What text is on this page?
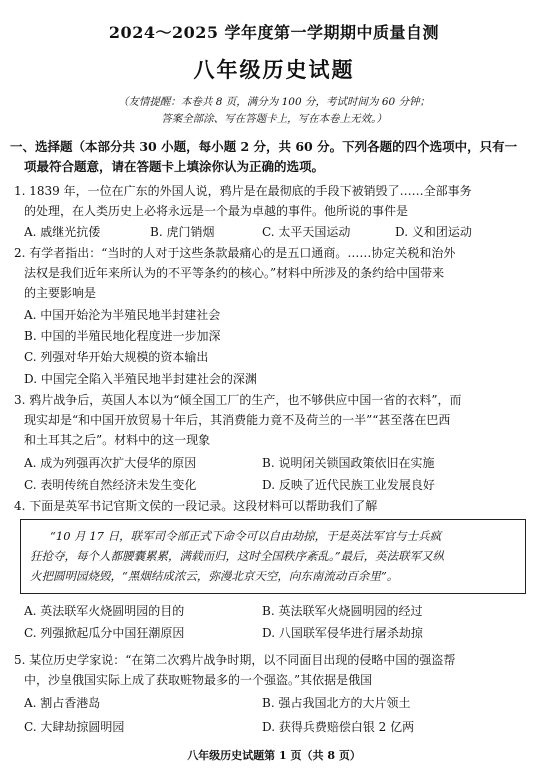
2024～2025 学年度第一学期期中质量自测
八年级历史试题
（友情提醒：本卷共 8 页，满分为 100 分，考试时间为 60 分钟；
答案全部涂、写在答题卡上，写在本卷上无效。）
一、选择题（本部分共 30 小题，每小题 2 分，共 60 分。下列各题的四个选项中，只有一
项最符合题意，请在答题卡上填涂你认为正确的选项。
1. 1839 年，一位在广东的外国人说，鸦片是在最彻底的手段下被销毁了……全部事务
的处理，在人类历史上必将永远是一个最为卓越的事件。他所说的事件是
A. 戚继光抗倭	B. 虎门销烟	C. 太平天国运动	D. 义和团运动
2. 有学者指出：“当时的人对于这些条款最痛心的是五口通商。……协定关税和治外
法权是我们近年来所认为的不平等条约的核心。”材料中所涉及的条约给中国带来
的主要影响是
A. 中国开始沦为半殖民地半封建社会
B. 中国的半殖民地化程度进一步加深
C. 列强对华开始大规模的资本输出
D. 中国完全陷入半殖民地半封建社会的深渊
3. 鸦片战争后，英国人本以为“倾全国工厂的生产，也不够供应中国一省的衣料”，而
现实却是“和中国开放贸易十年后，其消费能力竟不及荷兰的一半”“甚至落在巴西
和土耳其之后”。材料中的这一现象
A. 成为列强再次扩大侵华的原因	B. 说明闭关锁国政策依旧在实施
C. 表明传统自然经济未发生变化	D. 反映了近代民族工业发展良好
4. 下面是英军书记官斯文侯的一段记录。这段材料可以帮助我们了解
“10 月 17 日，联军司令部正式下命令可以自由劫掠，于是英法军官与士兵疯
狂抢夺，每个人都腰囊累累，满载而归，这时全国秩序紊乱。”最后，英法联军又纵
火把圆明园烧毁，“黑烟结成浓云，弥漫北京天空，向东南流动百余里”。
A. 英法联军火烧圆明园的目的	B. 英法联军火烧圆明园的经过
C. 列强掀起瓜分中国狂潮原因	D. 八国联军侵华进行屠杀劫掠
5. 某位历史学家说：“在第二次鸦片战争时期，以不同面目出现的侵略中国的强盗帮
中，沙皇俄国实际上成了获取赃物最多的一个强盗。”其依据是俄国
A. 割占香港岛	B. 强占我国北方的大片领土
C. 大肆劫掠圆明园	D. 获得兵费赔偿白银 2 亿两
八年级历史试题第 1 页（共 8 页）
